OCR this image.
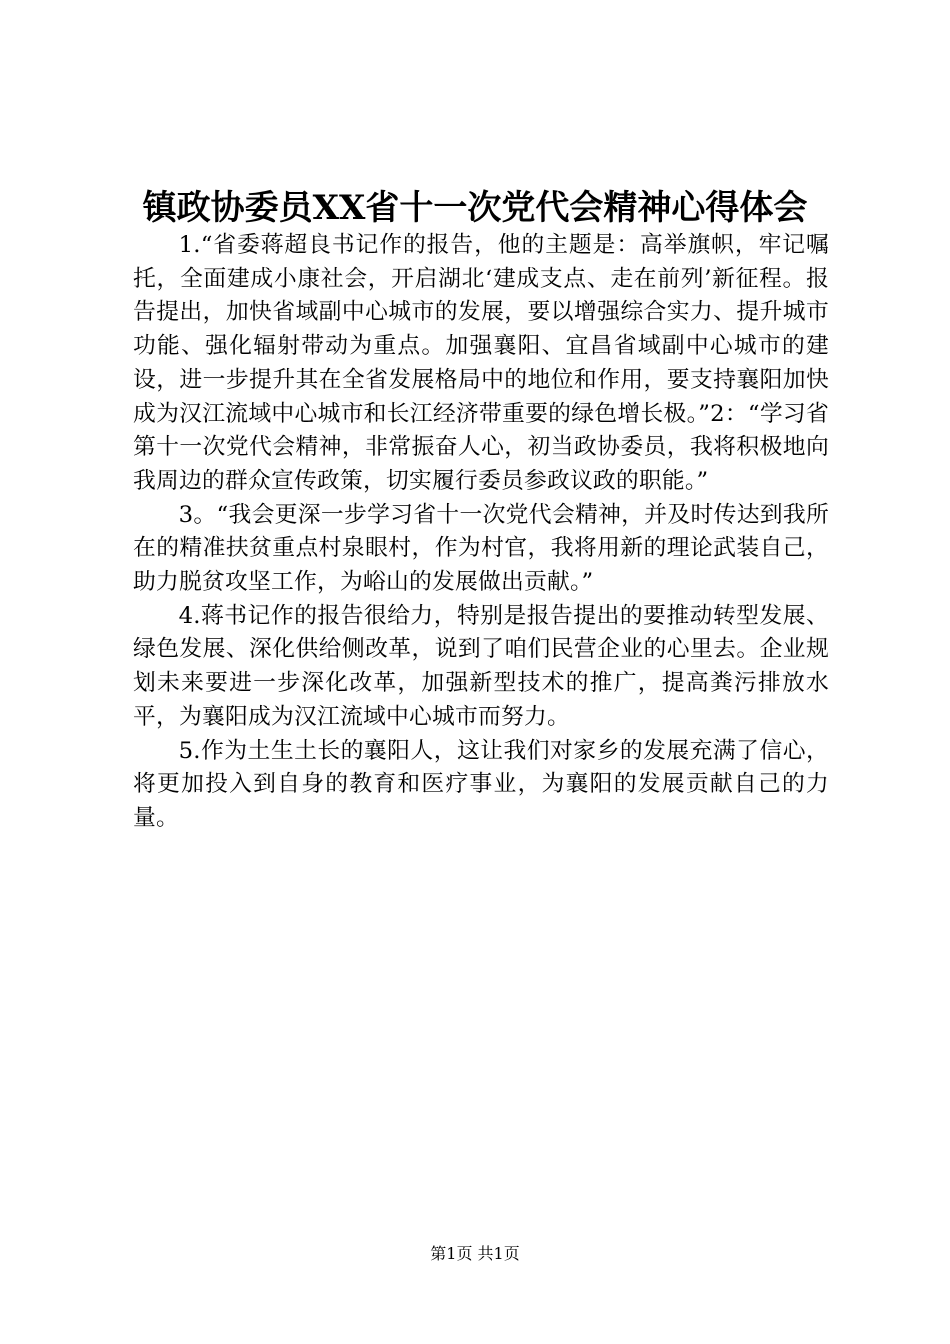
镇政协委员XX省十一次党代会精神心得体会

1.“省委蒋超良书记作的报告，他的主题是：高举旗帜，牢记嘱托，全面建成小康社会，开启湖北‘建成支点、走在前列’新征程。报告提出，加快省域副中心城市的发展，要以增强综合实力、提升城市功能、强化辐射带动为重点。加强襄阳、宜昌省域副中心城市的建设，进一步提升其在全省发展格局中的地位和作用，要支持襄阳加快成为汉江流域中心城市和长江经济带重要的绿色增长极。”2：“学习省第十一次党代会精神，非常振奋人心，初当政协委员，我将积极地向我周边的群众宣传政策，切实履行委员参政议政的职能。”

3。“我会更深一步学习省十一次党代会精神，并及时传达到我所在的精准扶贫重点村泉眼村，作为村官，我将用新的理论武装自己，助力脱贫攻坚工作，为峪山的发展做出贡献。”

4.蒋书记作的报告很给力，特别是报告提出的要推动转型发展、绿色发展、深化供给侧改革，说到了咱们民营企业的心里去。企业规划未来要进一步深化改革，加强新型技术的推广，提高粪污排放水平，为襄阳成为汉江流域中心城市而努力。

5.作为土生土长的襄阳人，这让我们对家乡的发展充满了信心，将更加投入到自身的教育和医疗事业，为襄阳的发展贡献自己的力量。

第1页 共1页
